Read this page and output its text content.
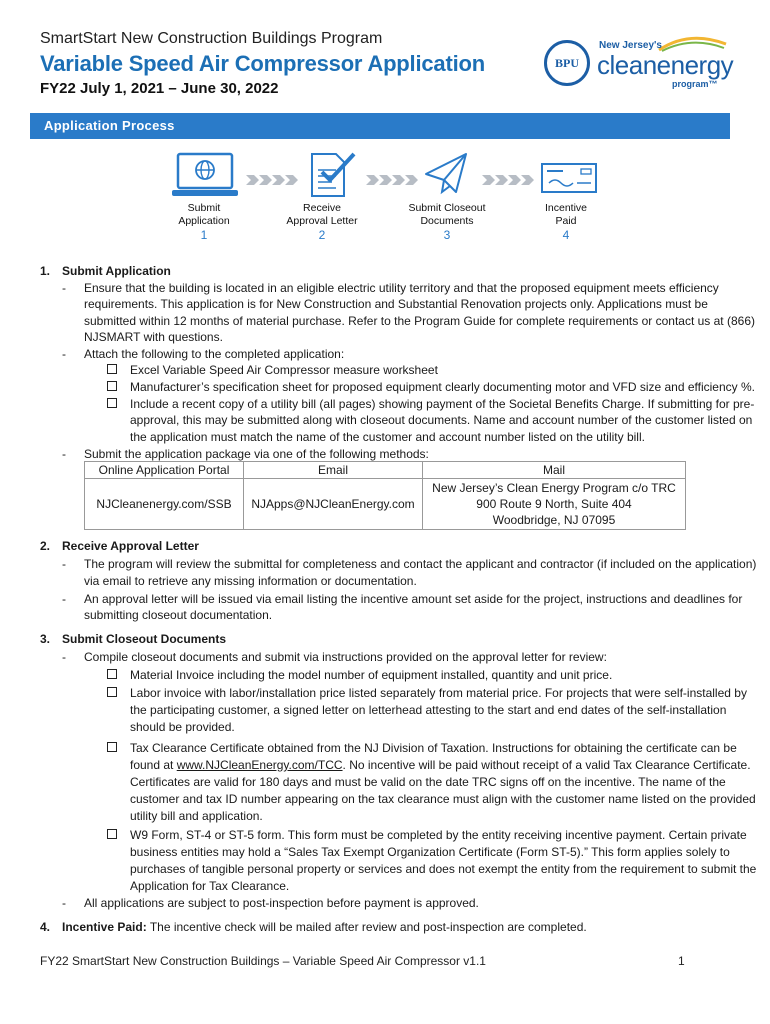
SmartStart New Construction Buildings Program
Variable Speed Air Compressor Application
FY22 July 1, 2021 – June 30, 2022
BPU
New Jersey's
cleanenergy
program™
Application Process
Submit
Application
1
Receive
Approval Letter
2
Submit Closeout
Documents
3
Incentive
Paid
4
1. Submit Application
- Ensure that the building is located in an eligible electric utility territory and that the proposed equipment meets efficiency
requirements. This application is for New Construction and Substantial Renovation projects only. Applications must be
submitted within 12 months of material purchase. Refer to the Program Guide for complete requirements or contact us at (866)
NJSMART with questions.
- Attach the following to the completed application:
Excel Variable Speed Air Compressor measure worksheet
Manufacturer’s specification sheet for proposed equipment clearly documenting motor and VFD size and efficiency %.
Include a recent copy of a utility bill (all pages) showing payment of the Societal Benefits Charge. If submitting for pre-
approval, this may be submitted along with closeout documents. Name and account number of the customer listed on
the application must match the name of the customer and account number listed on the utility bill.
- Submit the application package via one of the following methods:
Online Application Portal	Email	Mail
NJCleanenergy.com/SSB	NJApps@NJCleanEnergy.com	New Jersey’s Clean Energy Program c/o TRC
900 Route 9 North, Suite 404
Woodbridge, NJ 07095
2. Receive Approval Letter
- The program will review the submittal for completeness and contact the applicant and contractor (if included on the application)
via email to retrieve any missing information or documentation.
- An approval letter will be issued via email listing the incentive amount set aside for the project, instructions and deadlines for
submitting closeout documentation.
3. Submit Closeout Documents
- Compile closeout documents and submit via instructions provided on the approval letter for review:
Material Invoice including the model number of equipment installed, quantity and unit price.
Labor invoice with labor/installation price listed separately from material price. For projects that were self-installed by
the participating customer, a signed letter on letterhead attesting to the start and end dates of the self-installation
should be provided.
Tax Clearance Certificate obtained from the NJ Division of Taxation. Instructions for obtaining the certificate can be
found at www.NJCleanEnergy.com/TCC. No incentive will be paid without receipt of a valid Tax Clearance Certificate.
Certificates are valid for 180 days and must be valid on the date TRC signs off on the incentive. The name of the
customer and tax ID number appearing on the tax clearance must align with the customer name listed on the provided
utility bill and application.
W9 Form, ST-4 or ST-5 form. This form must be completed by the entity receiving incentive payment. Certain private
business entities may hold a “Sales Tax Exempt Organization Certificate (Form ST-5).” This form applies solely to
purchases of tangible personal property or services and does not exempt the entity from the requirement to submit the
Application for Tax Clearance.
- All applications are subject to post-inspection before payment is approved.
4. Incentive Paid: The incentive check will be mailed after review and post-inspection are completed.
FY22 SmartStart New Construction Buildings – Variable Speed Air Compressor v1.1	1
